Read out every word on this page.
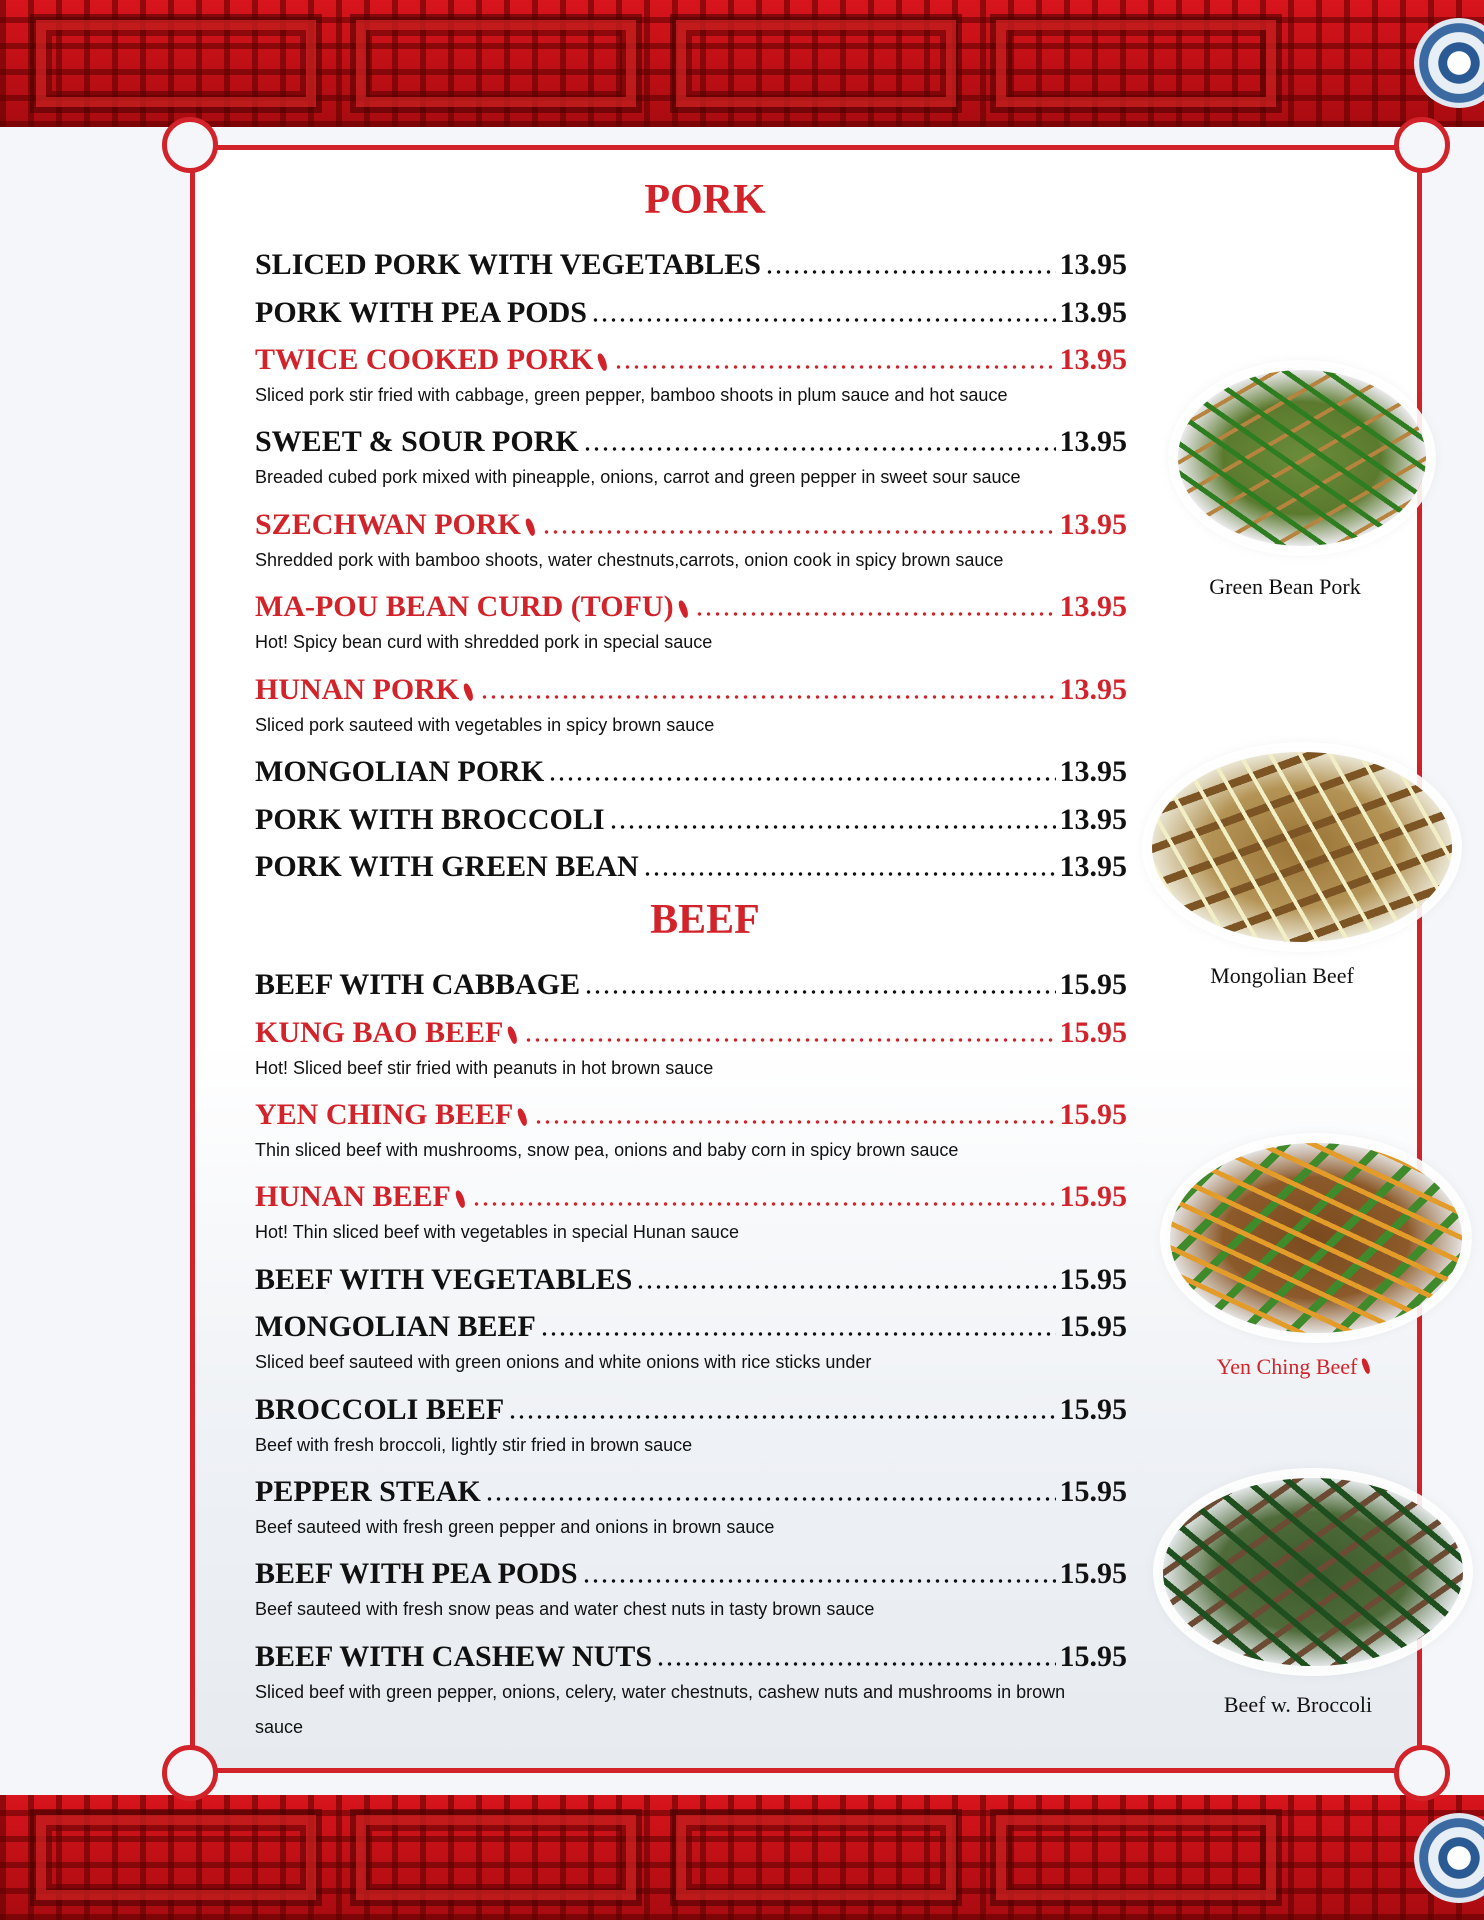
PORK
SLICED PORK WITH VEGETABLES	13.95
PORK WITH PEA PODS	13.95
TWICE COOKED PORK	13.95
Sliced pork stir fried with cabbage, green pepper, bamboo shoots in plum sauce and hot sauce
SWEET & SOUR PORK	13.95
Breaded cubed pork mixed with pineapple, onions, carrot and green pepper in sweet sour sauce
SZECHWAN PORK	13.95
Shredded pork with bamboo shoots, water chestnuts,carrots, onion cook in spicy brown sauce
MA-POU BEAN CURD (TOFU)	13.95
Hot! Spicy bean curd with shredded pork in special sauce
HUNAN PORK	13.95
Sliced pork sauteed with vegetables in spicy brown sauce
MONGOLIAN PORK	13.95
PORK WITH BROCCOLI	13.95
PORK WITH GREEN BEAN	13.95
BEEF
BEEF WITH CABBAGE	15.95
KUNG BAO BEEF	15.95
Hot! Sliced beef stir fried with peanuts in hot brown sauce
YEN CHING BEEF	15.95
Thin sliced beef with mushrooms, snow pea, onions and baby corn in spicy brown sauce
HUNAN BEEF	15.95
Hot! Thin sliced beef with vegetables in special Hunan sauce
BEEF WITH VEGETABLES	15.95
MONGOLIAN BEEF	15.95
Sliced beef sauteed with green onions and white onions with rice sticks under
BROCCOLI BEEF	15.95
Beef with fresh broccoli, lightly stir fried in brown sauce
PEPPER STEAK	15.95
Beef sauteed with fresh green pepper and onions in brown sauce
BEEF WITH PEA PODS	15.95
Beef sauteed with fresh snow peas and water chest nuts in tasty brown sauce
BEEF WITH CASHEW NUTS	15.95
Sliced beef with green pepper, onions, celery, water chestnuts, cashew nuts and mushrooms in brown sauce
Green Bean Pork
Mongolian Beef
Yen Ching Beef
Beef w. Broccoli
